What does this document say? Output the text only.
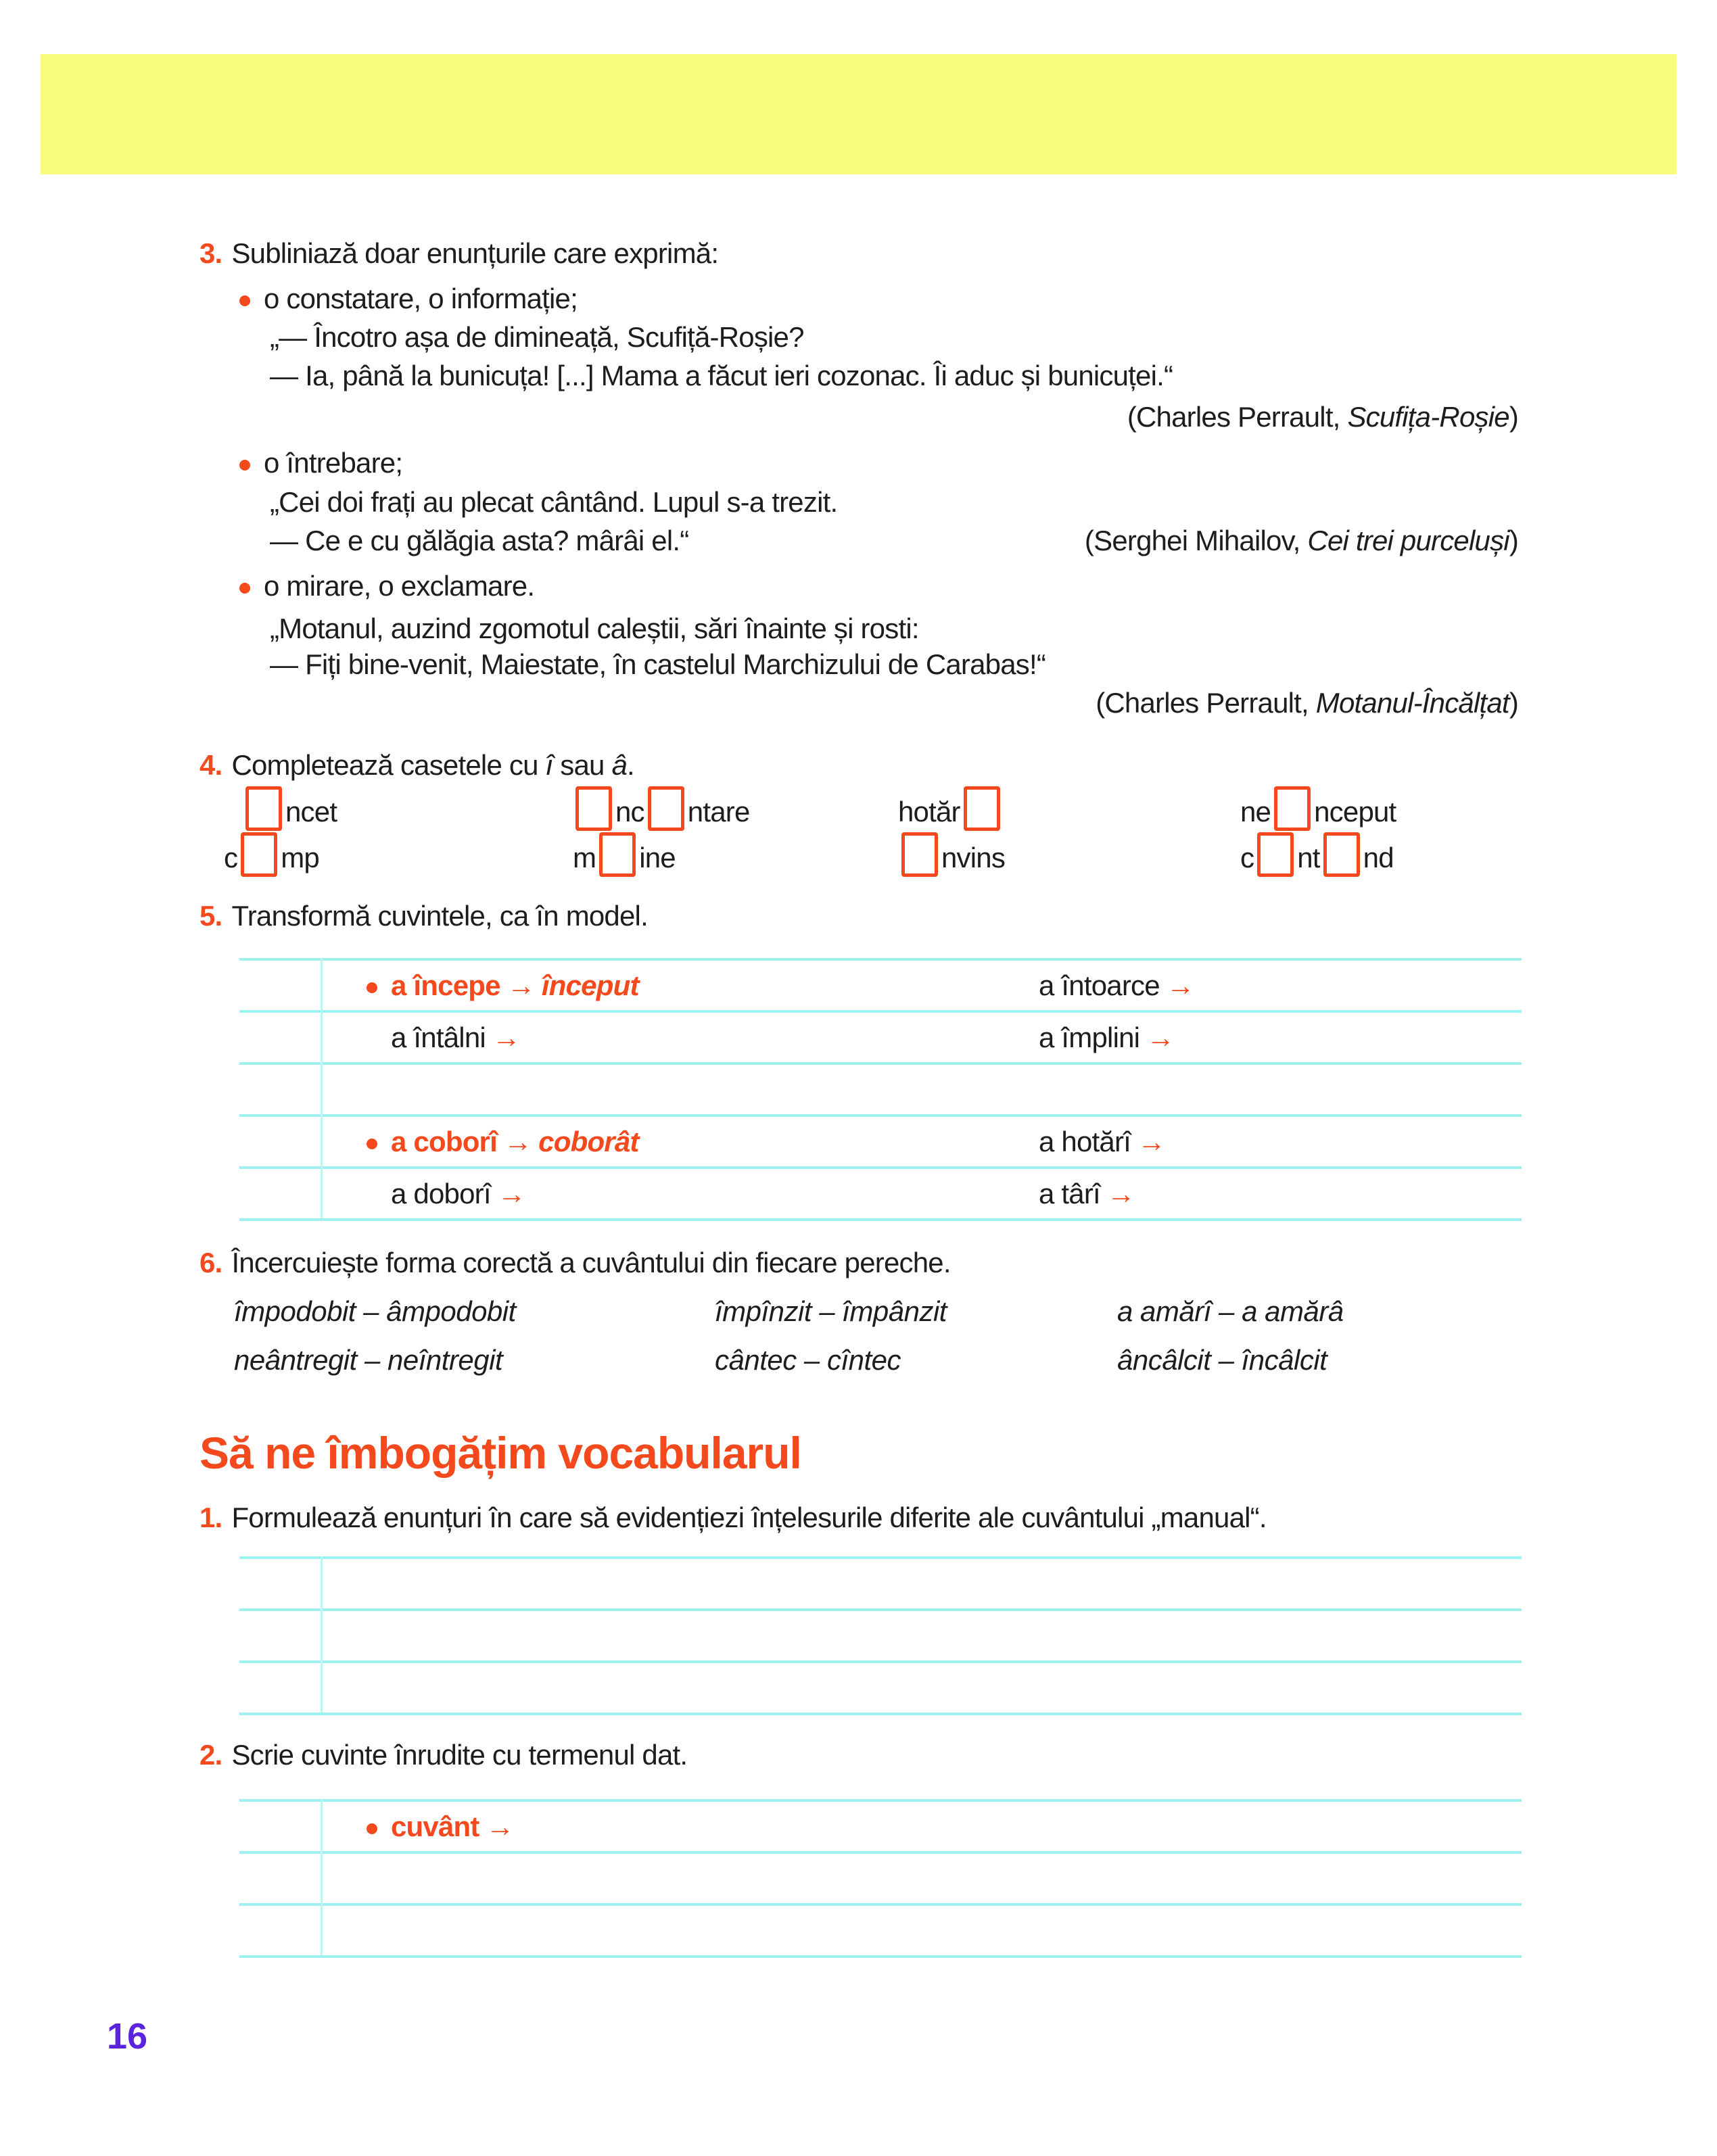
3. Subliniază doar enunțurile care exprimă:
o constatare, o informație;
„— Încotro așa de dimineață, Scufiță-Roșie?
— Ia, până la bunicuța! [...] Mama a făcut ieri cozonac. Îi aduc și bunicuței.“
(Charles Perrault, Scufița-Roșie)
o întrebare;
„Cei doi frați au plecat cântând. Lupul s-a trezit.
— Ce e cu gălăgia asta? mârâi el.“	(Serghei Mihailov, Cei trei purceluși)
o mirare, o exclamare.
„Motanul, auzind zgomotul caleștii, sări înainte și rosti:
— Fiți bine-venit, Maiestate, în castelul Marchizului de Carabas!“
(Charles Perrault, Motanul-Încălțat)
4. Completează casetele cu î sau â.
ncet	nc ntare	hotăr	ne nceput
c mp	m ine	nvins	c nt nd
5. Transformă cuvintele, ca în model.
a începe → început	a întoarce →
a întâlni →	a împlini →
a coborî → coborât	a hotărî →
a doborî →	a târî →
6. Încercuiește forma corectă a cuvântului din fiecare pereche.
împodobit – âmpodobit	împînzit – împânzit	a amărî – a amărâ
neântregit – neîntregit	cântec – cîntec	âncâlcit – încâlcit
Să ne îmbogățim vocabularul
1. Formulează enunțuri în care să evidențiezi înțelesurile diferite ale cuvântului „manual“.
2. Scrie cuvinte înrudite cu termenul dat.
cuvânt →
16
